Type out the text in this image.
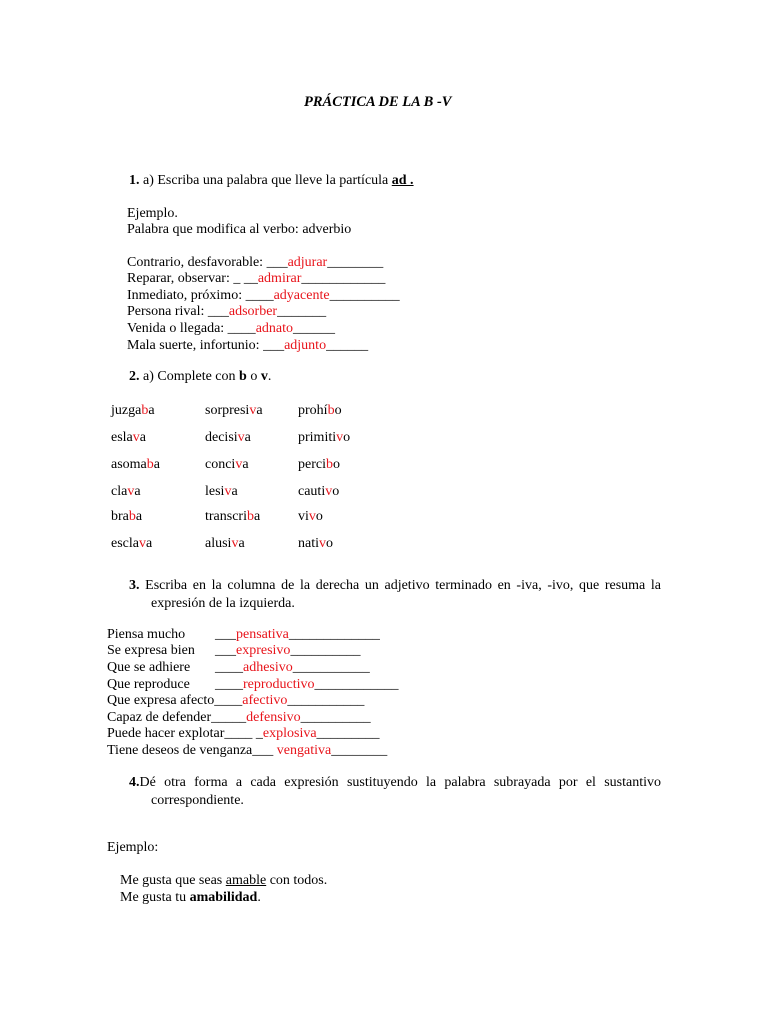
PRÁCTICA DE LA B -V
1. a) Escriba una palabra que lleve la partícula ad .
Ejemplo.
Palabra que modifica al verbo: adverbio
Contrario, desfavorable: ___adjurar________
Reparar, observar: _ __admirar____________
Inmediato, próximo: ____adyacente__________
Persona rival: ___adsorber_______
Venida o llegada: ____adnato______
Mala suerte, infortunio: ___adjunto______
2. a) Complete con b o v.
juzgaba	sorpresiva	prohíbo
eslava	decisiva	primitivo
asomaba	conciva	percibo
clava	lesiva	cautivo
braba	transcriba	vivo
esclava	alusiva	nativo
3. Escriba en la columna de la derecha un adjetivo terminado en -iva, -ivo, que resuma la
expresión de la izquierda.
Piensa mucho ___pensativa_____________
Se expresa bien ___expresivo__________
Que se adhiere ____adhesivo___________
Que reproduce ____reproductivo____________
Que expresa afecto ____afectivo___________
Capaz de defender _____defensivo__________
Puede hacer explotar ____ _explosiva_________
Tiene deseos de venganza ___ vengativa________
4.Dé otra forma a cada expresión sustituyendo la palabra subrayada por el sustantivo
correspondiente.
Ejemplo:
Me gusta que seas amable con todos.
Me gusta tu amabilidad.
